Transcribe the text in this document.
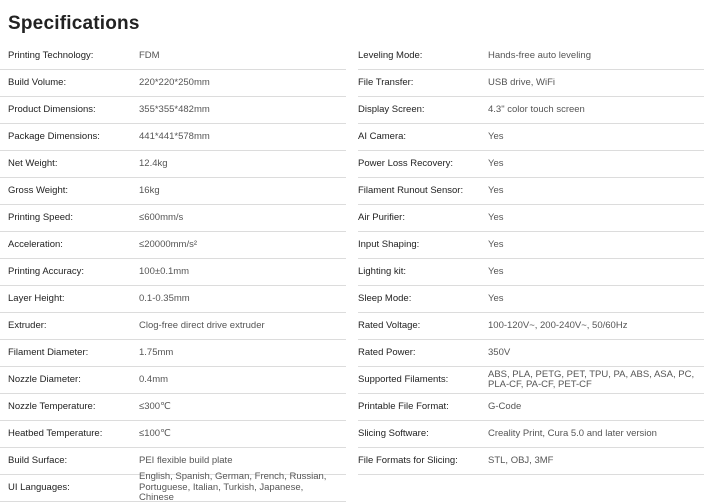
Specifications
Printing Technology:	FDM
Build Volume:	220*220*250mm
Product Dimensions:	355*355*482mm
Package Dimensions:	441*441*578mm
Net Weight:	12.4kg
Gross Weight:	16kg
Printing Speed:	≤600mm/s
Acceleration:	≤20000mm/s²
Printing Accuracy:	100±0.1mm
Layer Height:	0.1-0.35mm
Extruder:	Clog-free direct drive extruder
Filament Diameter:	1.75mm
Nozzle Diameter:	0.4mm
Nozzle Temperature:	≤300℃
Heatbed Temperature:	≤100℃
Build Surface:	PEI flexible build plate
UI Languages:
English, Spanish, German, French, Russian, Portuguese, Italian, Turkish, Japanese, Chinese
Leveling Mode:	Hands-free auto leveling
File Transfer:	USB drive, WiFi
Display Screen:	4.3" color touch screen
AI Camera:	Yes
Power Loss Recovery:	Yes
Filament Runout Sensor:	Yes
Air Purifier:	Yes
Input Shaping:	Yes
Lighting kit:	Yes
Sleep Mode:	Yes
Rated Voltage:	100-120V~, 200-240V~, 50/60Hz
Rated Power:	350V
Supported Filaments:	ABS, PLA, PETG, PET, TPU, PA, ABS, ASA, PC, PLA-CF, PA-CF, PET-CF
Printable File Format:	G-Code
Slicing Software:	Creality Print, Cura 5.0 and later version
File Formats for Slicing:	STL, OBJ, 3MF
